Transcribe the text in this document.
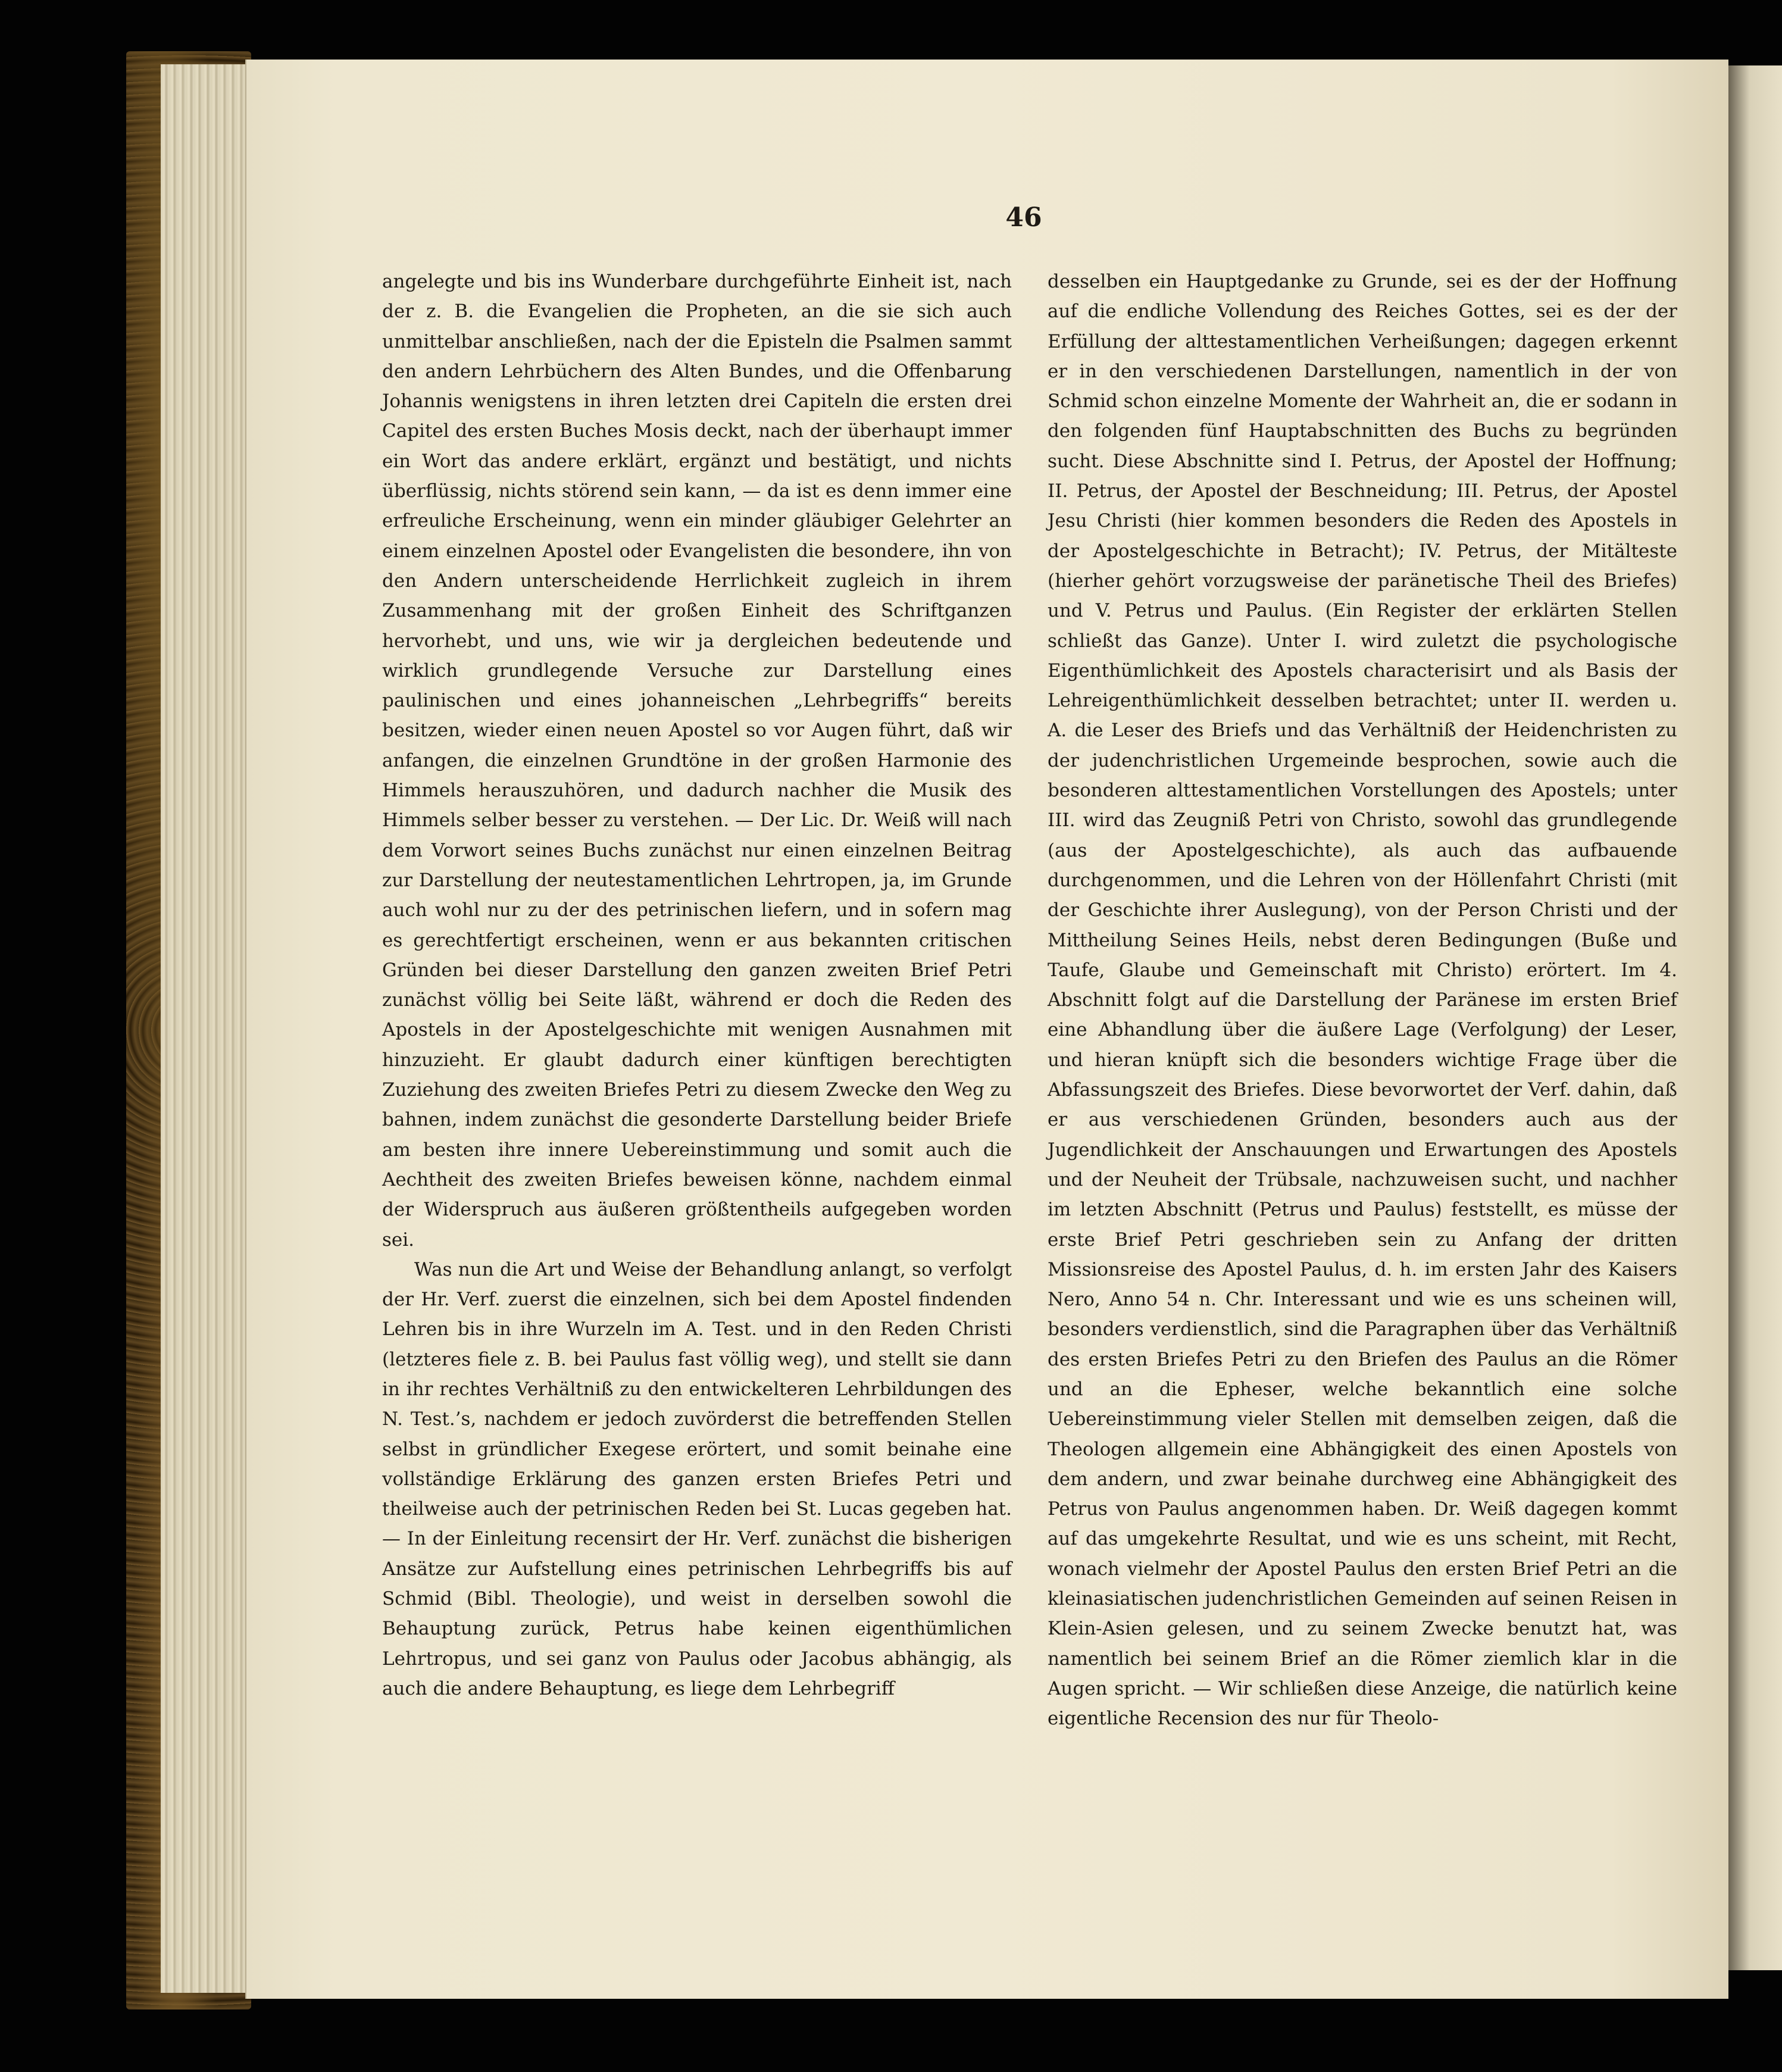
46

angelegte und bis ins Wunderbare durchgeführte Einheit ist, nach der z. B. die Evangelien die Propheten, an die sie sich auch unmittelbar anschließen, nach der die Episteln die Psalmen sammt den andern Lehrbüchern des Alten Bundes, und die Offenbarung Johannis wenigstens in ihren letzten drei Capiteln die ersten drei Capitel des ersten Buches Mosis deckt, nach der überhaupt immer ein Wort das andere erklärt, ergänzt und bestätigt, und nichts überflüssig, nichts störend sein kann, — da ist es denn immer eine erfreuliche Erscheinung, wenn ein minder gläubiger Gelehrter an einem einzelnen Apostel oder Evangelisten die besondere, ihn von den Andern unterscheidende Herrlichkeit zugleich in ihrem Zusammenhang mit der großen Einheit des Schriftganzen hervorhebt, und uns, wie wir ja dergleichen bedeutende und wirklich grundlegende Versuche zur Darstellung eines paulinischen und eines johanneischen „Lehrbegriffs“ bereits besitzen, wieder einen neuen Apostel so vor Augen führt, daß wir anfangen, die einzelnen Grundtöne in der großen Harmonie des Himmels herauszuhören, und dadurch nachher die Musik des Himmels selber besser zu verstehen. — Der Lic. Dr. Weiß will nach dem Vorwort seines Buchs zunächst nur einen einzelnen Beitrag zur Darstellung der neutestamentlichen Lehrtropen, ja, im Grunde auch wohl nur zu der des petrinischen liefern, und in sofern mag es gerechtfertigt erscheinen, wenn er aus bekannten critischen Gründen bei dieser Darstellung den ganzen zweiten Brief Petri zunächst völlig bei Seite läßt, während er doch die Reden des Apostels in der Apostelgeschichte mit wenigen Ausnahmen mit hinzuzieht. Er glaubt dadurch einer künftigen berechtigten Zuziehung des zweiten Briefes Petri zu diesem Zwecke den Weg zu bahnen, indem zunächst die gesonderte Darstellung beider Briefe am besten ihre innere Uebereinstimmung und somit auch die Aechtheit des zweiten Briefes beweisen könne, nachdem einmal der Widerspruch aus äußeren größtentheils aufgegeben worden sei.

Was nun die Art und Weise der Behandlung anlangt, so verfolgt der Hr. Verf. zuerst die einzelnen, sich bei dem Apostel findenden Lehren bis in ihre Wurzeln im A. Test. und in den Reden Christi (letzteres fiele z. B. bei Paulus fast völlig weg), und stellt sie dann in ihr rechtes Verhältniß zu den entwickelteren Lehrbildungen des N. Test.’s, nachdem er jedoch zuvörderst die betreffenden Stellen selbst in gründlicher Exegese erörtert, und somit beinahe eine vollständige Erklärung des ganzen ersten Briefes Petri und theilweise auch der petrinischen Reden bei St. Lucas gegeben hat. — In der Einleitung recensirt der Hr. Verf. zunächst die bisherigen Ansätze zur Aufstellung eines petrinischen Lehrbegriffs bis auf Schmid (Bibl. Theologie), und weist in derselben sowohl die Behauptung zurück, Petrus habe keinen eigenthümlichen Lehrtropus, und sei ganz von Paulus oder Jacobus abhängig, als auch die andere Behauptung, es liege dem Lehrbegriff

desselben ein Hauptgedanke zu Grunde, sei es der der Hoffnung auf die endliche Vollendung des Reiches Gottes, sei es der der Erfüllung der alttestamentlichen Verheißungen; dagegen erkennt er in den verschiedenen Darstellungen, namentlich in der von Schmid schon einzelne Momente der Wahrheit an, die er sodann in den folgenden fünf Hauptabschnitten des Buchs zu begründen sucht. Diese Abschnitte sind I. Petrus, der Apostel der Hoffnung; II. Petrus, der Apostel der Beschneidung; III. Petrus, der Apostel Jesu Christi (hier kommen besonders die Reden des Apostels in der Apostelgeschichte in Betracht); IV. Petrus, der Mitälteste (hierher gehört vorzugsweise der paränetische Theil des Briefes) und V. Petrus und Paulus. (Ein Register der erklärten Stellen schließt das Ganze). Unter I. wird zuletzt die psychologische Eigenthümlichkeit des Apostels characterisirt und als Basis der Lehreigenthümlichkeit desselben betrachtet; unter II. werden u. A. die Leser des Briefs und das Verhältniß der Heidenchristen zu der judenchristlichen Urgemeinde besprochen, sowie auch die besonderen alttestamentlichen Vorstellungen des Apostels; unter III. wird das Zeugniß Petri von Christo, sowohl das grundlegende (aus der Apostelgeschichte), als auch das aufbauende durchgenommen, und die Lehren von der Höllenfahrt Christi (mit der Geschichte ihrer Auslegung), von der Person Christi und der Mittheilung Seines Heils, nebst deren Bedingungen (Buße und Taufe, Glaube und Gemeinschaft mit Christo) erörtert. Im 4. Abschnitt folgt auf die Darstellung der Paränese im ersten Brief eine Abhandlung über die äußere Lage (Verfolgung) der Leser, und hieran knüpft sich die besonders wichtige Frage über die Abfassungszeit des Briefes. Diese bevorwortet der Verf. dahin, daß er aus verschiedenen Gründen, besonders auch aus der Jugendlichkeit der Anschauungen und Erwartungen des Apostels und der Neuheit der Trübsale, nachzuweisen sucht, und nachher im letzten Abschnitt (Petrus und Paulus) feststellt, es müsse der erste Brief Petri geschrieben sein zu Anfang der dritten Missionsreise des Apostel Paulus, d. h. im ersten Jahr des Kaisers Nero, Anno 54 n. Chr. Interessant und wie es uns scheinen will, besonders verdienstlich, sind die Paragraphen über das Verhältniß des ersten Briefes Petri zu den Briefen des Paulus an die Römer und an die Epheser, welche bekanntlich eine solche Uebereinstimmung vieler Stellen mit demselben zeigen, daß die Theologen allgemein eine Abhängigkeit des einen Apostels von dem andern, und zwar beinahe durchweg eine Abhängigkeit des Petrus von Paulus angenommen haben. Dr. Weiß dagegen kommt auf das umgekehrte Resultat, und wie es uns scheint, mit Recht, wonach vielmehr der Apostel Paulus den ersten Brief Petri an die kleinasiatischen judenchristlichen Gemeinden auf seinen Reisen in Klein-Asien gelesen, und zu seinem Zwecke benutzt hat, was namentlich bei seinem Brief an die Römer ziemlich klar in die Augen spricht. — Wir schließen diese Anzeige, die natürlich keine eigentliche Recension des nur für Theolo-
